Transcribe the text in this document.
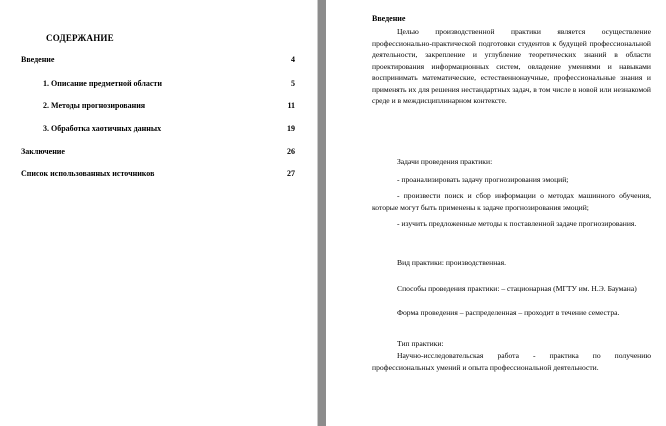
СОДЕРЖАНИЕ
Введение	4
1. Описание предметной области	5
2. Методы прогнозирования	11
3. Обработка хаотичных данных	19
Заключение	26
Список использованных источников	27
Введение
Целью производственной практики является осуществление профессионально-практической подготовки студентов к будущей профессиональной деятельности, закрепление и углубление теоретических знаний в области проектирования информационных систем, овладение умениями и навыками воспринимать математические, естественнонаучные, профессиональные знания и применять их для решения нестандартных задач, в том числе в новой или незнакомой среде и в междисциплинарном контексте.
Задачи проведения практики:
- проанализировать задачу прогнозирования эмоций;
- произвести поиск и сбор информации о методах машинного обучения, которые могут быть применены к задаче прогнозирования эмоций;
- изучить предложенные методы к поставленной задаче прогнозирования.
Вид практики: производственная.
Способы проведения практики: – стационарная (МГТУ им. Н.Э. Баумана)
Форма проведения – распределенная – проходит в течение семестра.
Тип практики:
Научно-исследовательская работа - практика по получению профессиональных умений и опыта профессиональной деятельности.
